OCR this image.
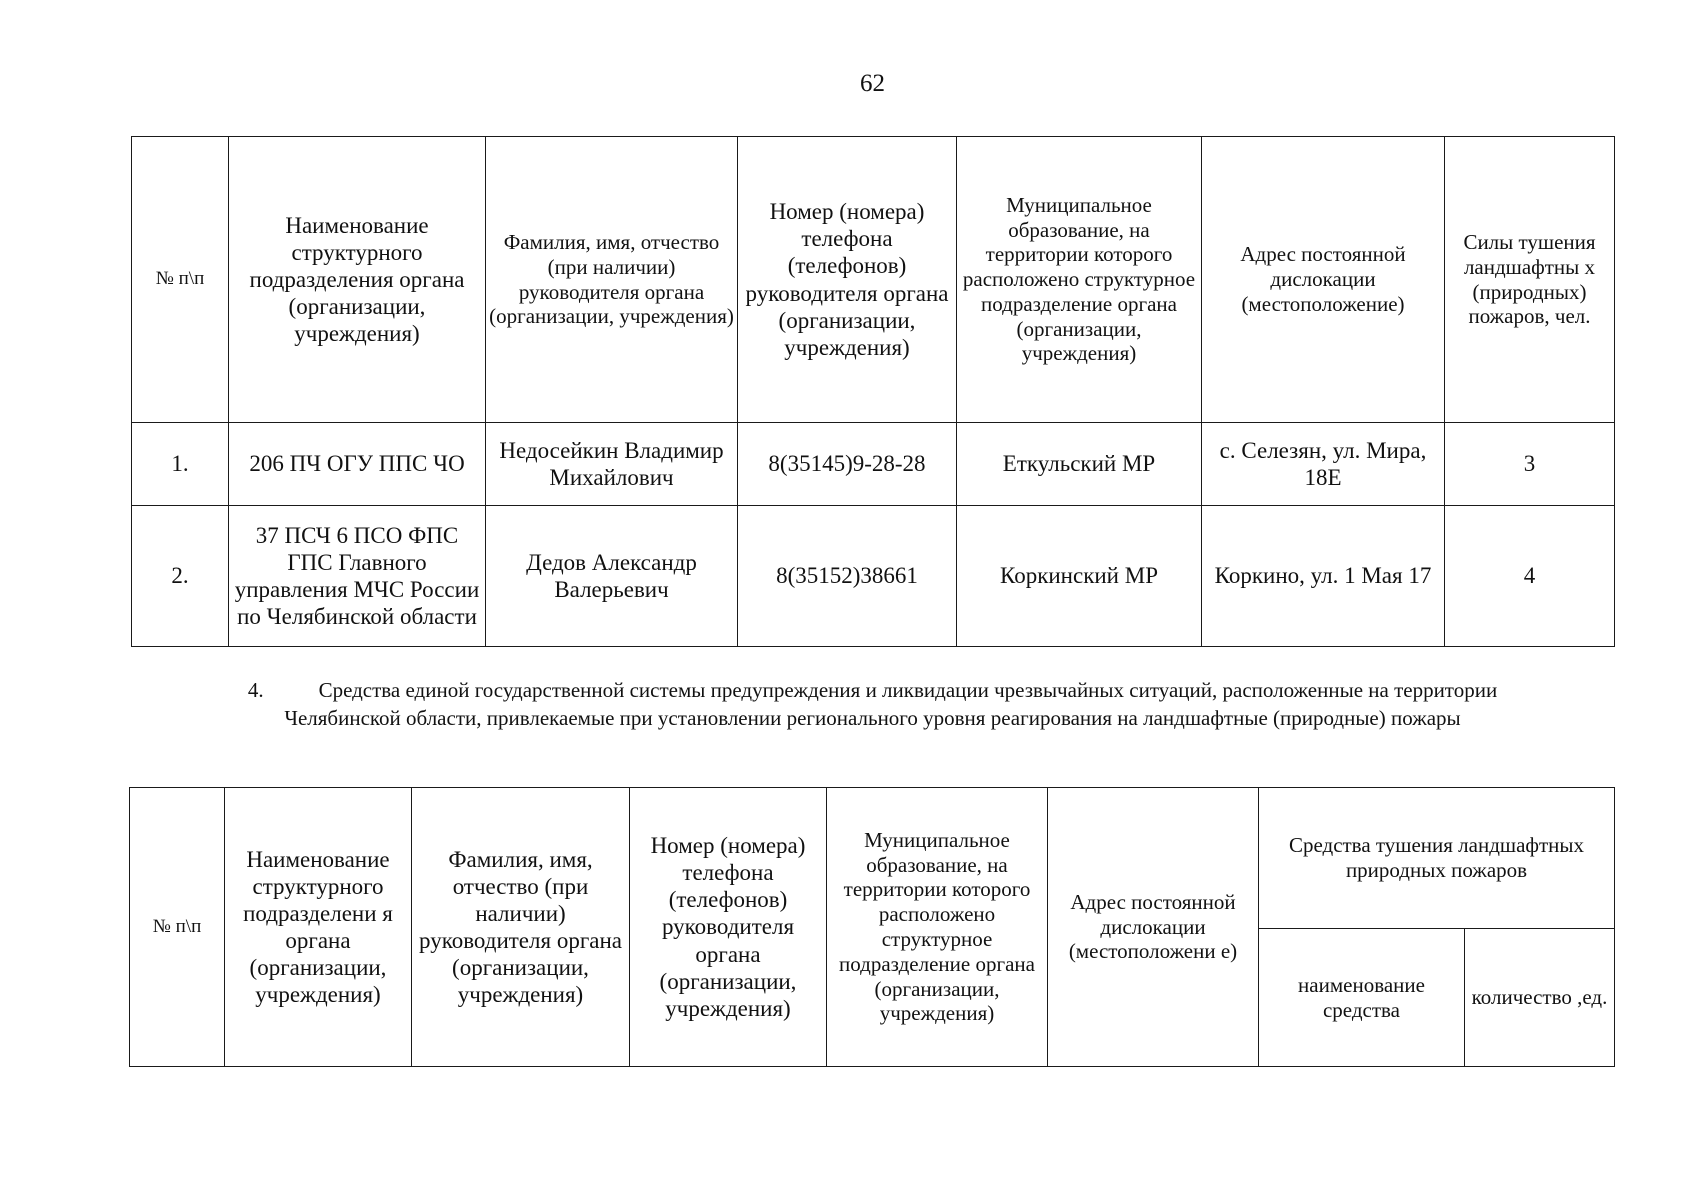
62
№ п\п	Наименование структурного подразделения органа (организации, учреждения)	Фамилия, имя, отчество (при наличии) руководителя органа (организации, учреждения)	Номер (номера) телефона (телефонов) руководителя органа (организации, учреждения)	Муниципальное образование, на территории которого расположено структурное подразделение органа (организации, учреждения)	Адрес постоянной дислокации (местоположение)	Силы тушения ландшафтны х (природных) пожаров, чел.
1.	206 ПЧ ОГУ ППС ЧО	Недосейкин Владимир Михайлович	8(35145)9-28-28	Еткульский МР	с. Селезян, ул. Мира, 18Е	3
2.	37 ПСЧ 6 ПСО ФПС ГПС Главного управления МЧС России по Челябинской области	Дедов Александр Валерьевич	8(35152)38661	Коркинский МР	Коркино, ул. 1 Мая 17	4
4.	Средства единой государственной системы предупреждения и ликвидации чрезвычайных ситуаций, расположенные на территории Челябинской области, привлекаемые при установлении регионального уровня реагирования на ландшафтные (природные) пожары
№ п\п	Наименование структурного подразделени я органа (организации, учреждения)	Фамилия, имя, отчество (при наличии) руководителя органа (организации, учреждения)	Номер (номера) телефона (телефонов) руководителя органа (организации, учреждения)	Муниципальное образование, на территории которого расположено структурное подразделение органа (организации, учреждения)	Адрес постоянной дислокации (местоположени е)	Средства тушения ландшафтных природных пожаров	
						наименование средства	количество ,ед.
